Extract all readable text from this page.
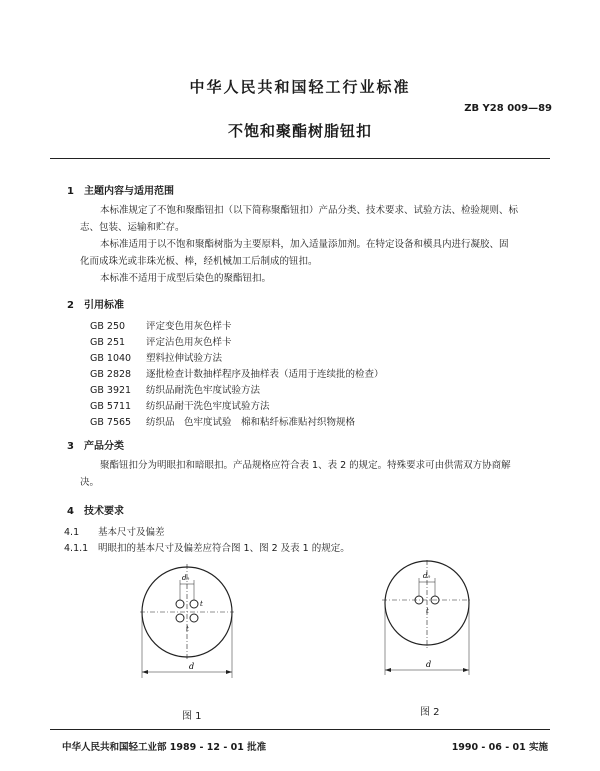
中华人民共和国轻工行业标准
ZB Y28 009—89
不饱和聚酯树脂钮扣
1　主题内容与适用范围
本标准规定了不饱和聚酯钮扣（以下简称聚酯钮扣）产品分类、技术要求、试验方法、检验规则、标
志、包装、运输和贮存。
本标准适用于以不饱和聚酯树脂为主要原料，加入适量添加剂。在特定设备和模具内进行凝胶、固
化而成珠光或非珠光板、棒，经机械加工后制成的钮扣。
本标准不适用于成型后染色的聚酯钮扣。
2　引用标准
GB 250 评定变色用灰色样卡
GB 251 评定沾色用灰色样卡
GB 1040 塑料拉伸试验方法
GB 2828 逐批检查计数抽样程序及抽样表（适用于连续批的检查）
GB 3921 纺织品耐洗色牢度试验方法
GB 5711 纺织品耐干洗色牢度试验方法
GB 7565 纺织品　色牢度试验　棉和粘纤标准贴衬织物规格
3　产品分类
聚酯钮扣分为明眼扣和暗眼扣。产品规格应符合表 1、表 2 的规定。特殊要求可由供需双方协商解
决。
4　技术要求
4.1 基本尺寸及偏差
4.1.1 明眼扣的基本尺寸及偏差应符合图 1、图 2 及表 1 的规定。
d₀
t
t
d
图 1
d₀
t
d
图 2
中华人民共和国轻工业部 1989 - 12 - 01 批准	1990 - 06 - 01 实施
